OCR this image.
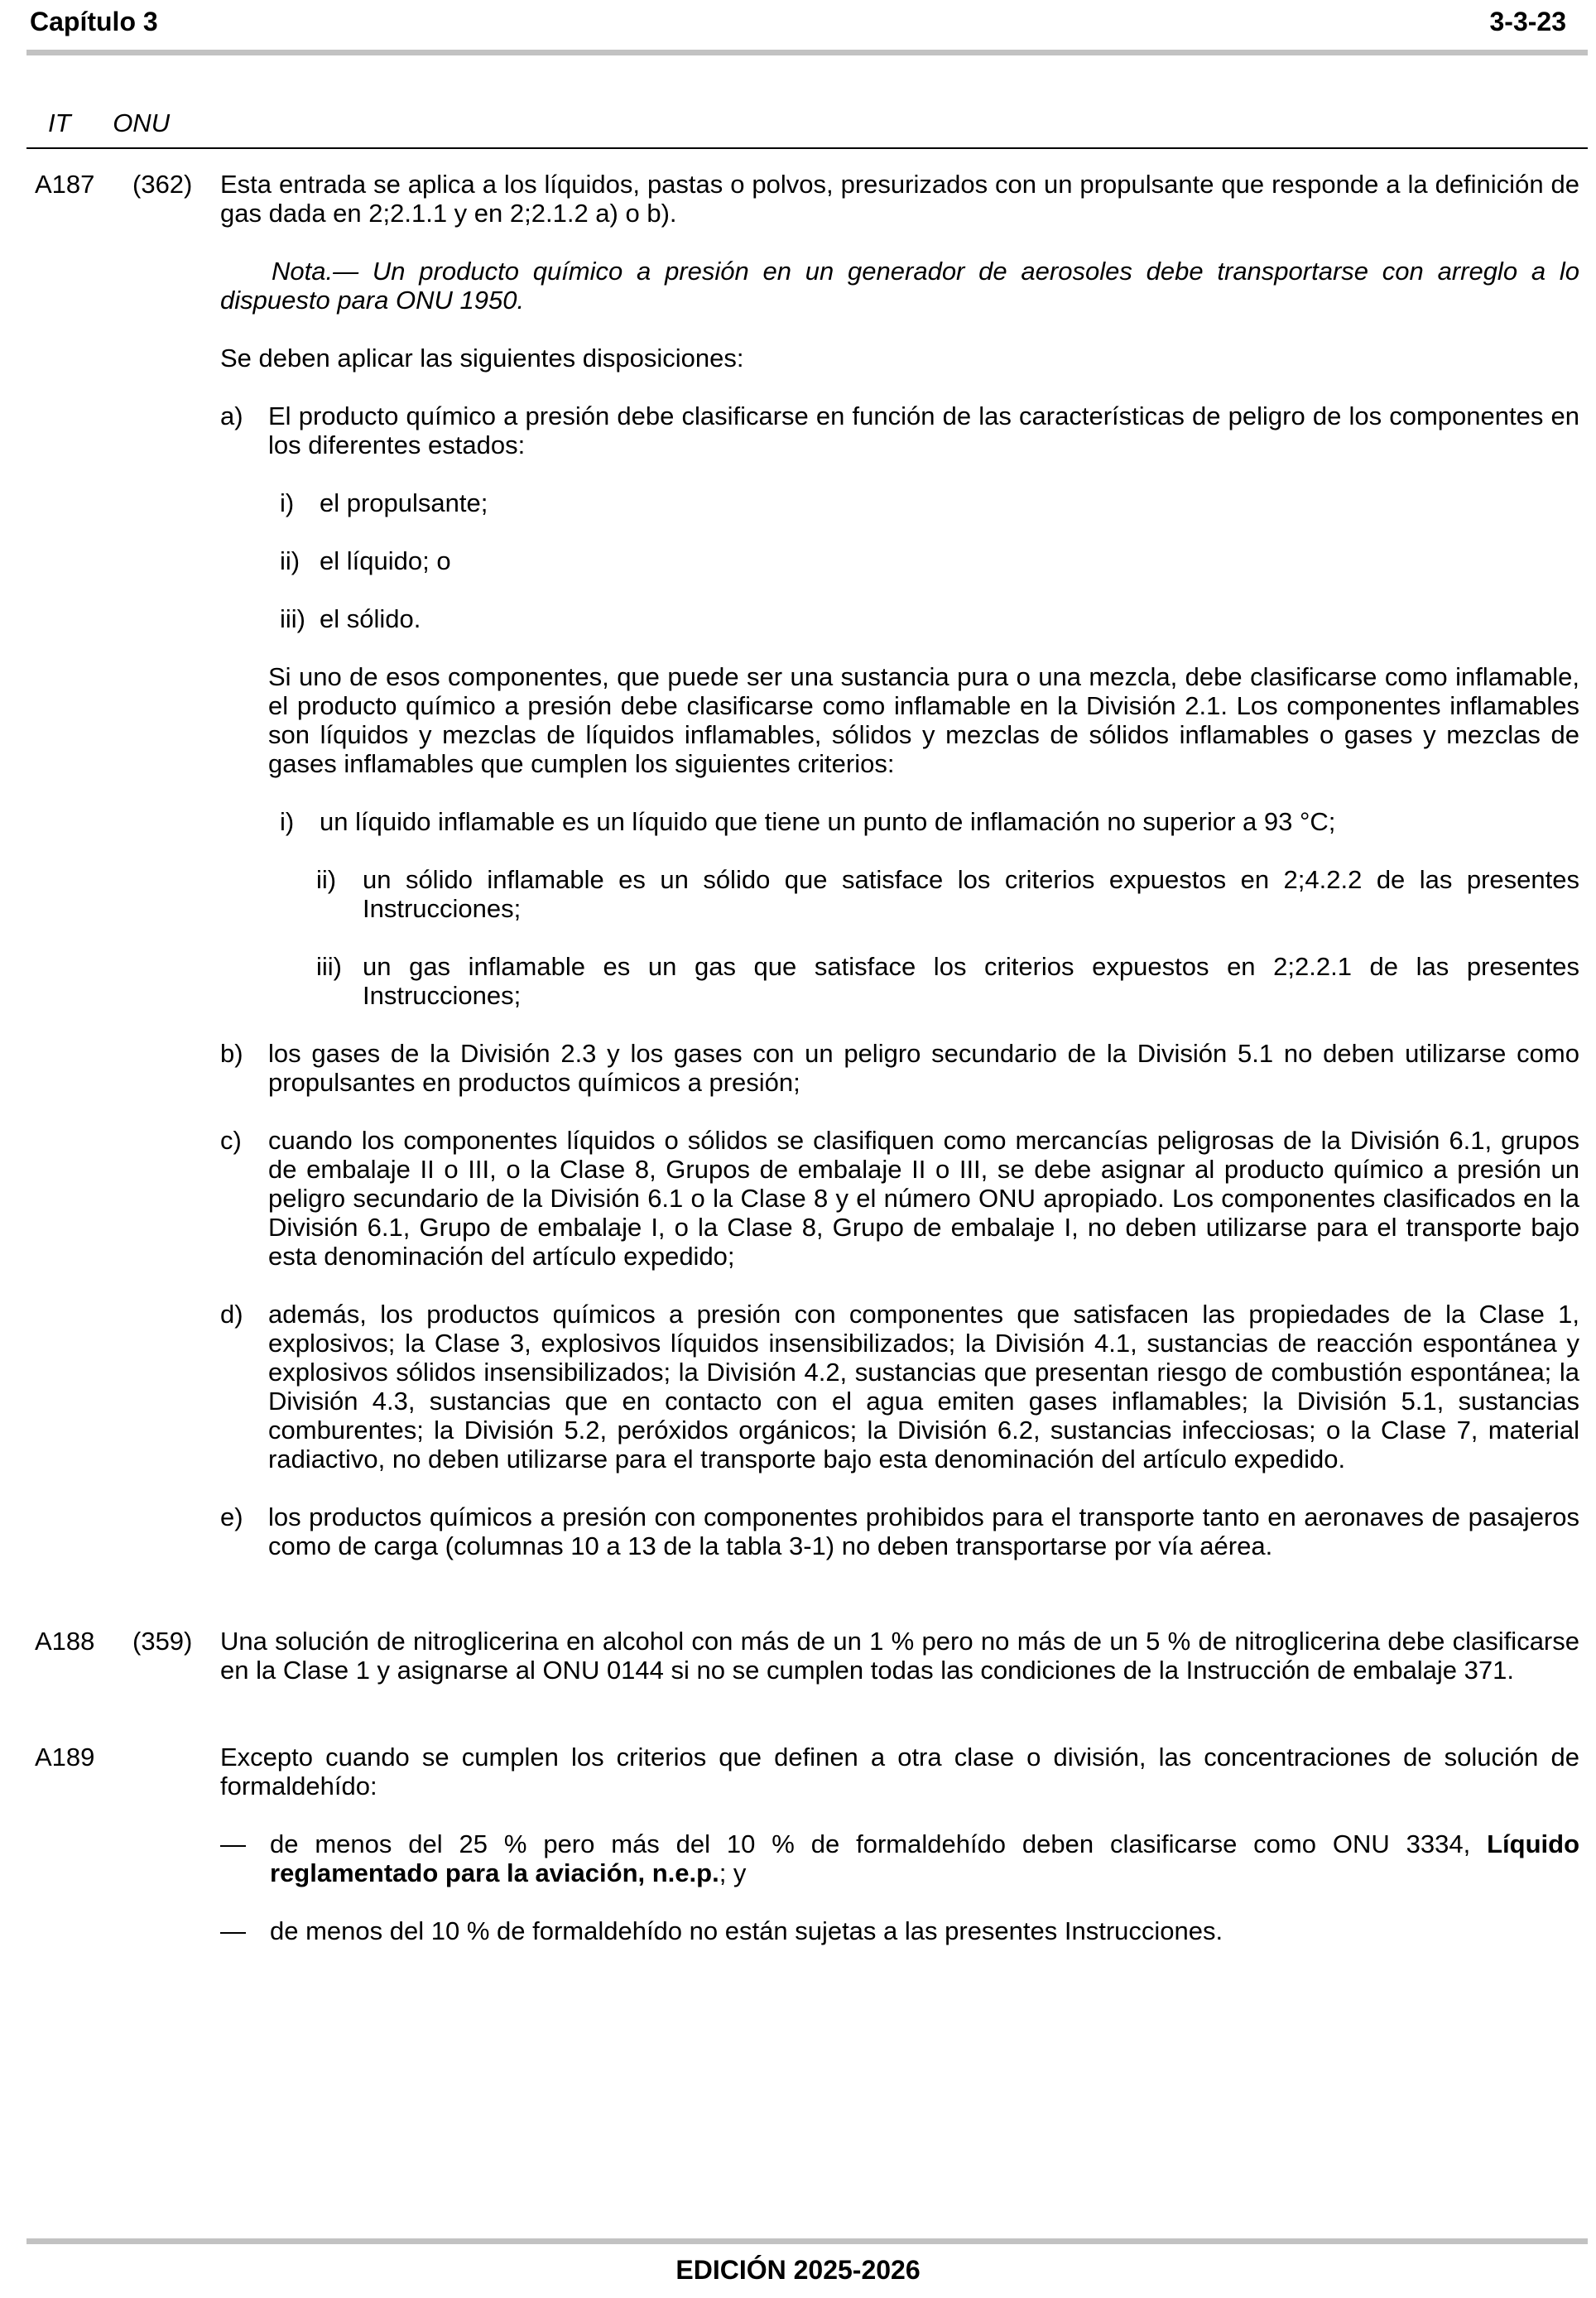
Capítulo 3	3-3-23
IT ONU
A187 (362) Esta entrada se aplica a los líquidos, pastas o polvos, presurizados con un propulsante que responde a la definición de gas dada en 2;2.1.1 y en 2;2.1.2 a) o b).

Nota.— Un producto químico a presión en un generador de aerosoles debe transportarse con arreglo a lo dispuesto para ONU 1950.

Se deben aplicar las siguientes disposiciones:

a) El producto químico a presión debe clasificarse en función de las características de peligro de los componentes en los diferentes estados:

i) el propulsante;

ii) el líquido; o

iii) el sólido.

Si uno de esos componentes, que puede ser una sustancia pura o una mezcla, debe clasificarse como inflamable, el producto químico a presión debe clasificarse como inflamable en la División 2.1. Los componentes inflamables son líquidos y mezclas de líquidos inflamables, sólidos y mezclas de sólidos inflamables o gases y mezclas de gases inflamables que cumplen los siguientes criterios:

i) un líquido inflamable es un líquido que tiene un punto de inflamación no superior a 93 °C;

ii) un sólido inflamable es un sólido que satisface los criterios expuestos en 2;4.2.2 de las presentes Instrucciones;

iii) un gas inflamable es un gas que satisface los criterios expuestos en 2;2.2.1 de las presentes Instrucciones;

b) los gases de la División 2.3 y los gases con un peligro secundario de la División 5.1 no deben utilizarse como propulsantes en productos químicos a presión;

c) cuando los componentes líquidos o sólidos se clasifiquen como mercancías peligrosas de la División 6.1, grupos de embalaje II o III, o la Clase 8, Grupos de embalaje II o III, se debe asignar al producto químico a presión un peligro secundario de la División 6.1 o la Clase 8 y el número ONU apropiado. Los componentes clasificados en la División 6.1, Grupo de embalaje I, o la Clase 8, Grupo de embalaje I, no deben utilizarse para el transporte bajo esta denominación del artículo expedido;

d) además, los productos químicos a presión con componentes que satisfacen las propiedades de la Clase 1, explosivos; la Clase 3, explosivos líquidos insensibilizados; la División 4.1, sustancias de reacción espontánea y explosivos sólidos insensibilizados; la División 4.2, sustancias que presentan riesgo de combustión espontánea; la División 4.3, sustancias que en contacto con el agua emiten gases inflamables; la División 5.1, sustancias comburentes; la División 5.2, peróxidos orgánicos; la División 6.2, sustancias infecciosas; o la Clase 7, material radiactivo, no deben utilizarse para el transporte bajo esta denominación del artículo expedido.

e) los productos químicos a presión con componentes prohibidos para el transporte tanto en aeronaves de pasajeros como de carga (columnas 10 a 13 de la tabla 3-1) no deben transportarse por vía aérea.

A188 (359) Una solución de nitroglicerina en alcohol con más de un 1 % pero no más de un 5 % de nitroglicerina debe clasificarse en la Clase 1 y asignarse al ONU 0144 si no se cumplen todas las condiciones de la Instrucción de embalaje 371.

A189	Excepto cuando se cumplen los criterios que definen a otra clase o división, las concentraciones de solución de formaldehído:

— de menos del 25 % pero más del 10 % de formaldehído deben clasificarse como ONU 3334, Líquido reglamentado para la aviación, n.e.p.; y

— de menos del 10 % de formaldehído no están sujetas a las presentes Instrucciones.

EDICIÓN 2025-2026
